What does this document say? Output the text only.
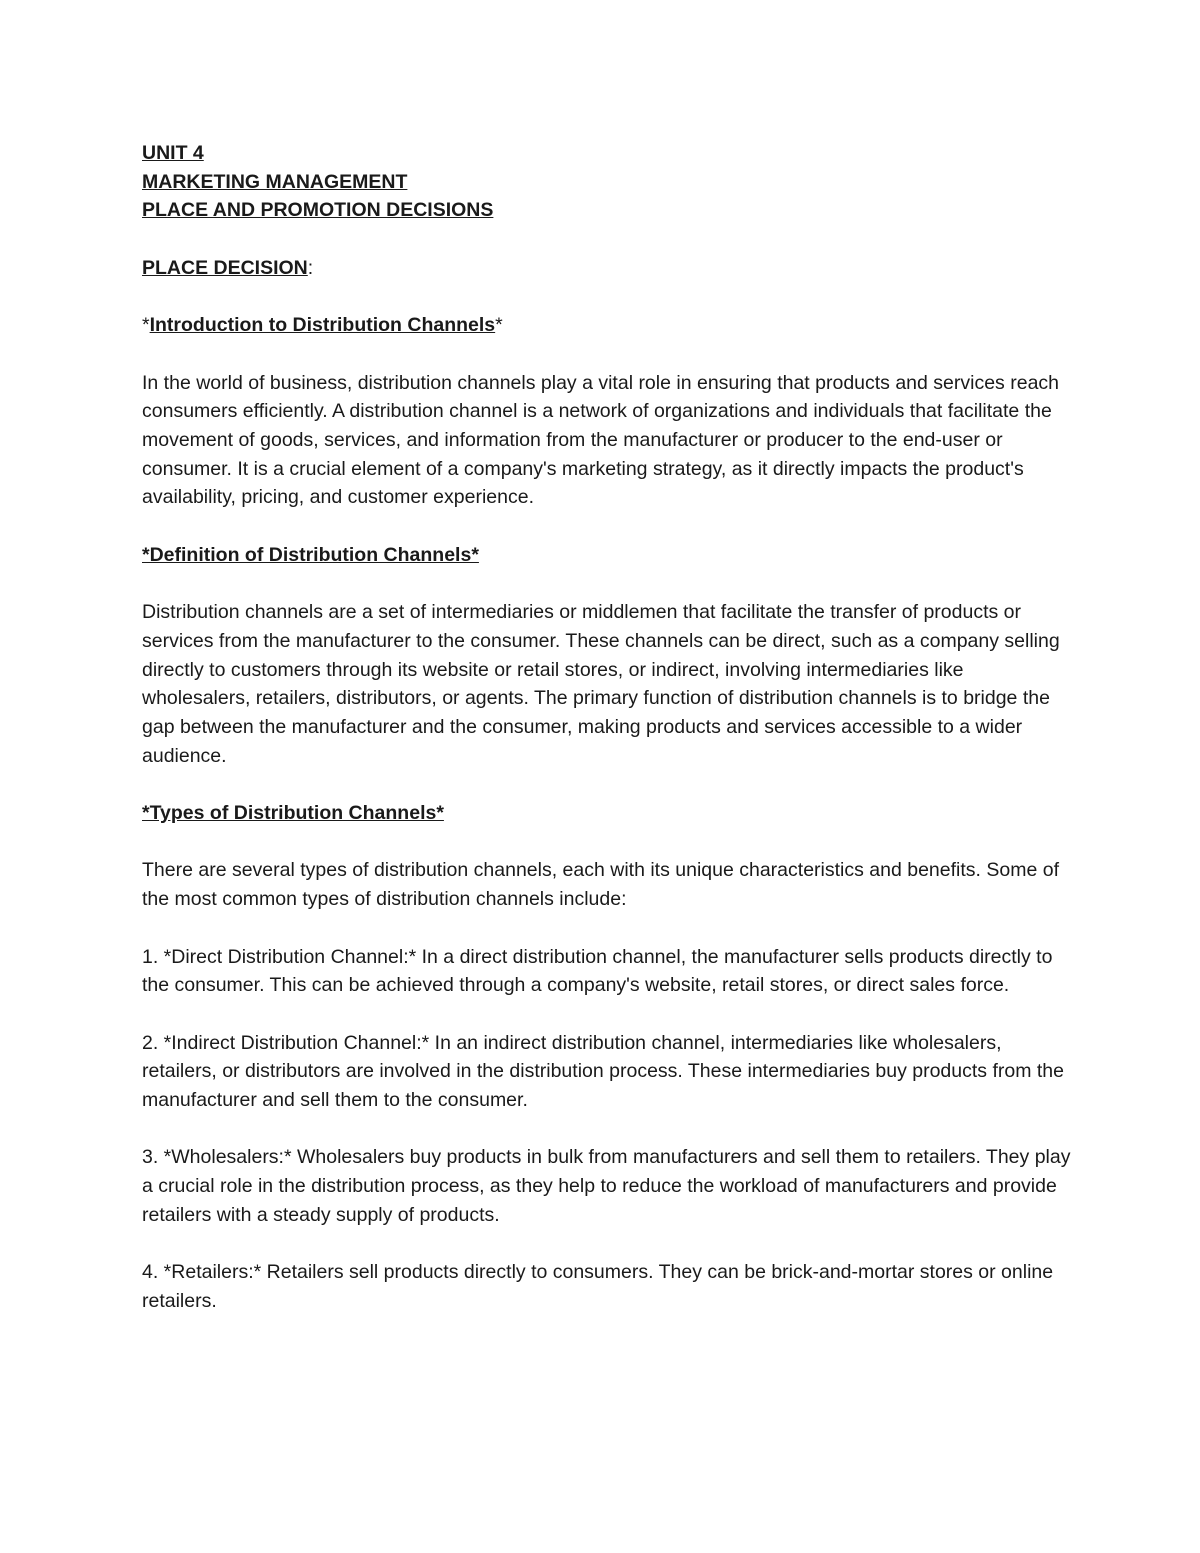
UNIT 4
MARKETING MANAGEMENT
PLACE AND PROMOTION DECISIONS

PLACE DECISION:

*Introduction to Distribution Channels*

In the world of business, distribution channels play a vital role in ensuring that products and services reach consumers efficiently. A distribution channel is a network of organizations and individuals that facilitate the movement of goods, services, and information from the manufacturer or producer to the end-user or consumer. It is a crucial element of a company's marketing strategy, as it directly impacts the product's availability, pricing, and customer experience.

*Definition of Distribution Channels*

Distribution channels are a set of intermediaries or middlemen that facilitate the transfer of products or services from the manufacturer to the consumer. These channels can be direct, such as a company selling directly to customers through its website or retail stores, or indirect, involving intermediaries like wholesalers, retailers, distributors, or agents. The primary function of distribution channels is to bridge the gap between the manufacturer and the consumer, making products and services accessible to a wider audience.

*Types of Distribution Channels*

There are several types of distribution channels, each with its unique characteristics and benefits. Some of the most common types of distribution channels include:

1. *Direct Distribution Channel:* In a direct distribution channel, the manufacturer sells products directly to the consumer. This can be achieved through a company's website, retail stores, or direct sales force.

2. *Indirect Distribution Channel:* In an indirect distribution channel, intermediaries like wholesalers, retailers, or distributors are involved in the distribution process. These intermediaries buy products from the manufacturer and sell them to the consumer.

3. *Wholesalers:* Wholesalers buy products in bulk from manufacturers and sell them to retailers. They play a crucial role in the distribution process, as they help to reduce the workload of manufacturers and provide retailers with a steady supply of products.

4. *Retailers:* Retailers sell products directly to consumers. They can be brick-and-mortar stores or online retailers.
